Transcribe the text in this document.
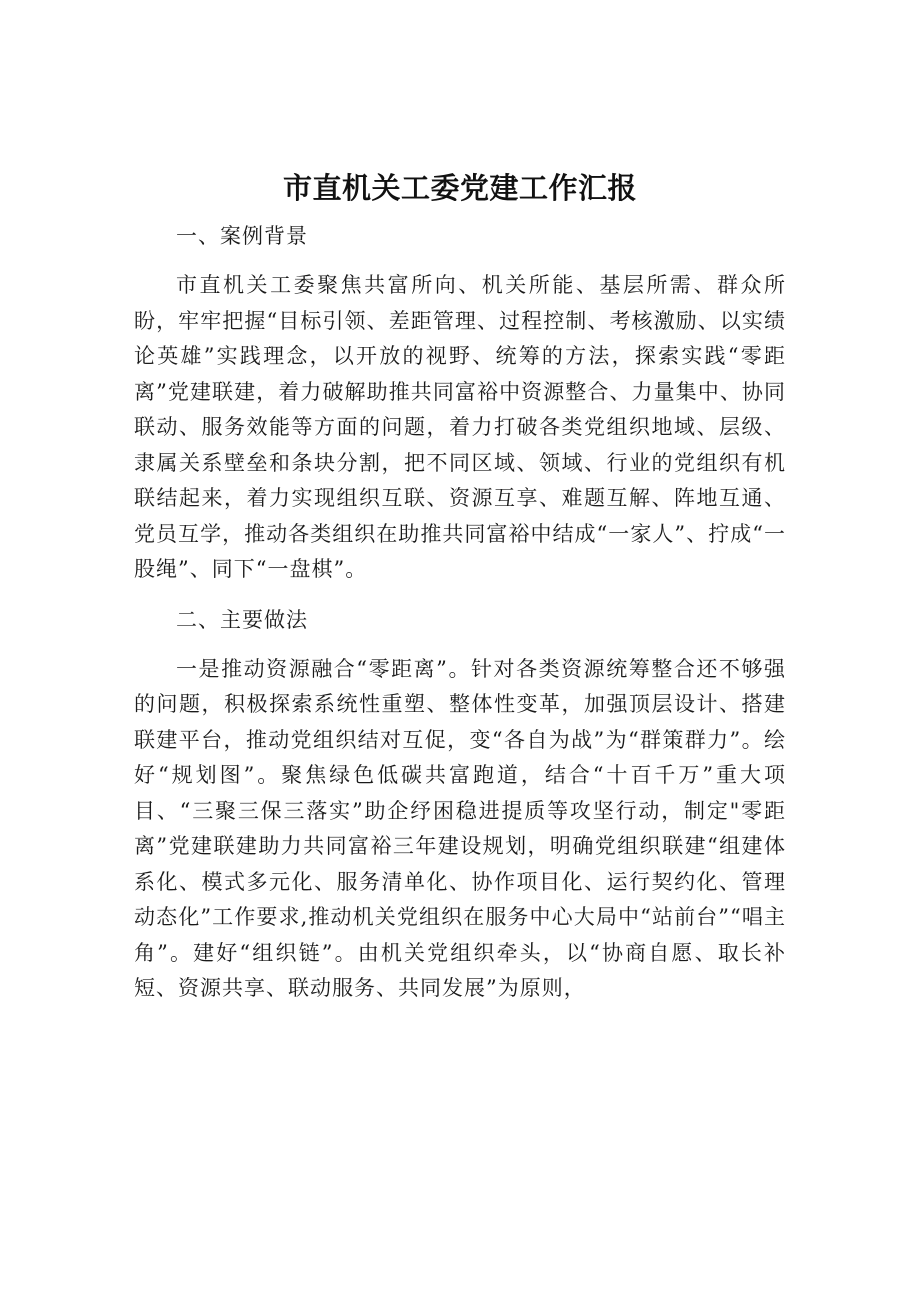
市直机关工委党建工作汇报

一、案例背景

市直机关工委聚焦共富所向、机关所能、基层所需、群众所盼，牢牢把握“目标引领、差距管理、过程控制、考核激励、以实绩论英雄”实践理念，以开放的视野、统筹的方法，探索实践“零距离”党建联建，着力破解助推共同富裕中资源整合、力量集中、协同联动、服务效能等方面的问题，着力打破各类党组织地域、层级、隶属关系壁垒和条块分割，把不同区域、领域、行业的党组织有机联结起来，着力实现组织互联、资源互享、难题互解、阵地互通、党员互学，推动各类组织在助推共同富裕中结成“一家人”、拧成“一股绳”、同下“一盘棋”。

二、主要做法

一是推动资源融合“零距离”。针对各类资源统筹整合还不够强的问题，积极探索系统性重塑、整体性变革，加强顶层设计、搭建联建平台，推动党组织结对互促，变“各自为战”为“群策群力”。绘好“规划图”。聚焦绿色低碳共富跑道，结合“十百千万”重大项目、“三聚三保三落实”助企纾困稳进提质等攻坚行动，制定"零距离”党建联建助力共同富裕三年建设规划，明确党组织联建“组建体系化、模式多元化、服务清单化、协作项目化、运行契约化、管理动态化”工作要求,推动机关党组织在服务中心大局中“站前台”“唱主角”。建好“组织链”。由机关党组织牵头，以“协商自愿、取长补短、资源共享、联动服务、共同发展”为原则，
